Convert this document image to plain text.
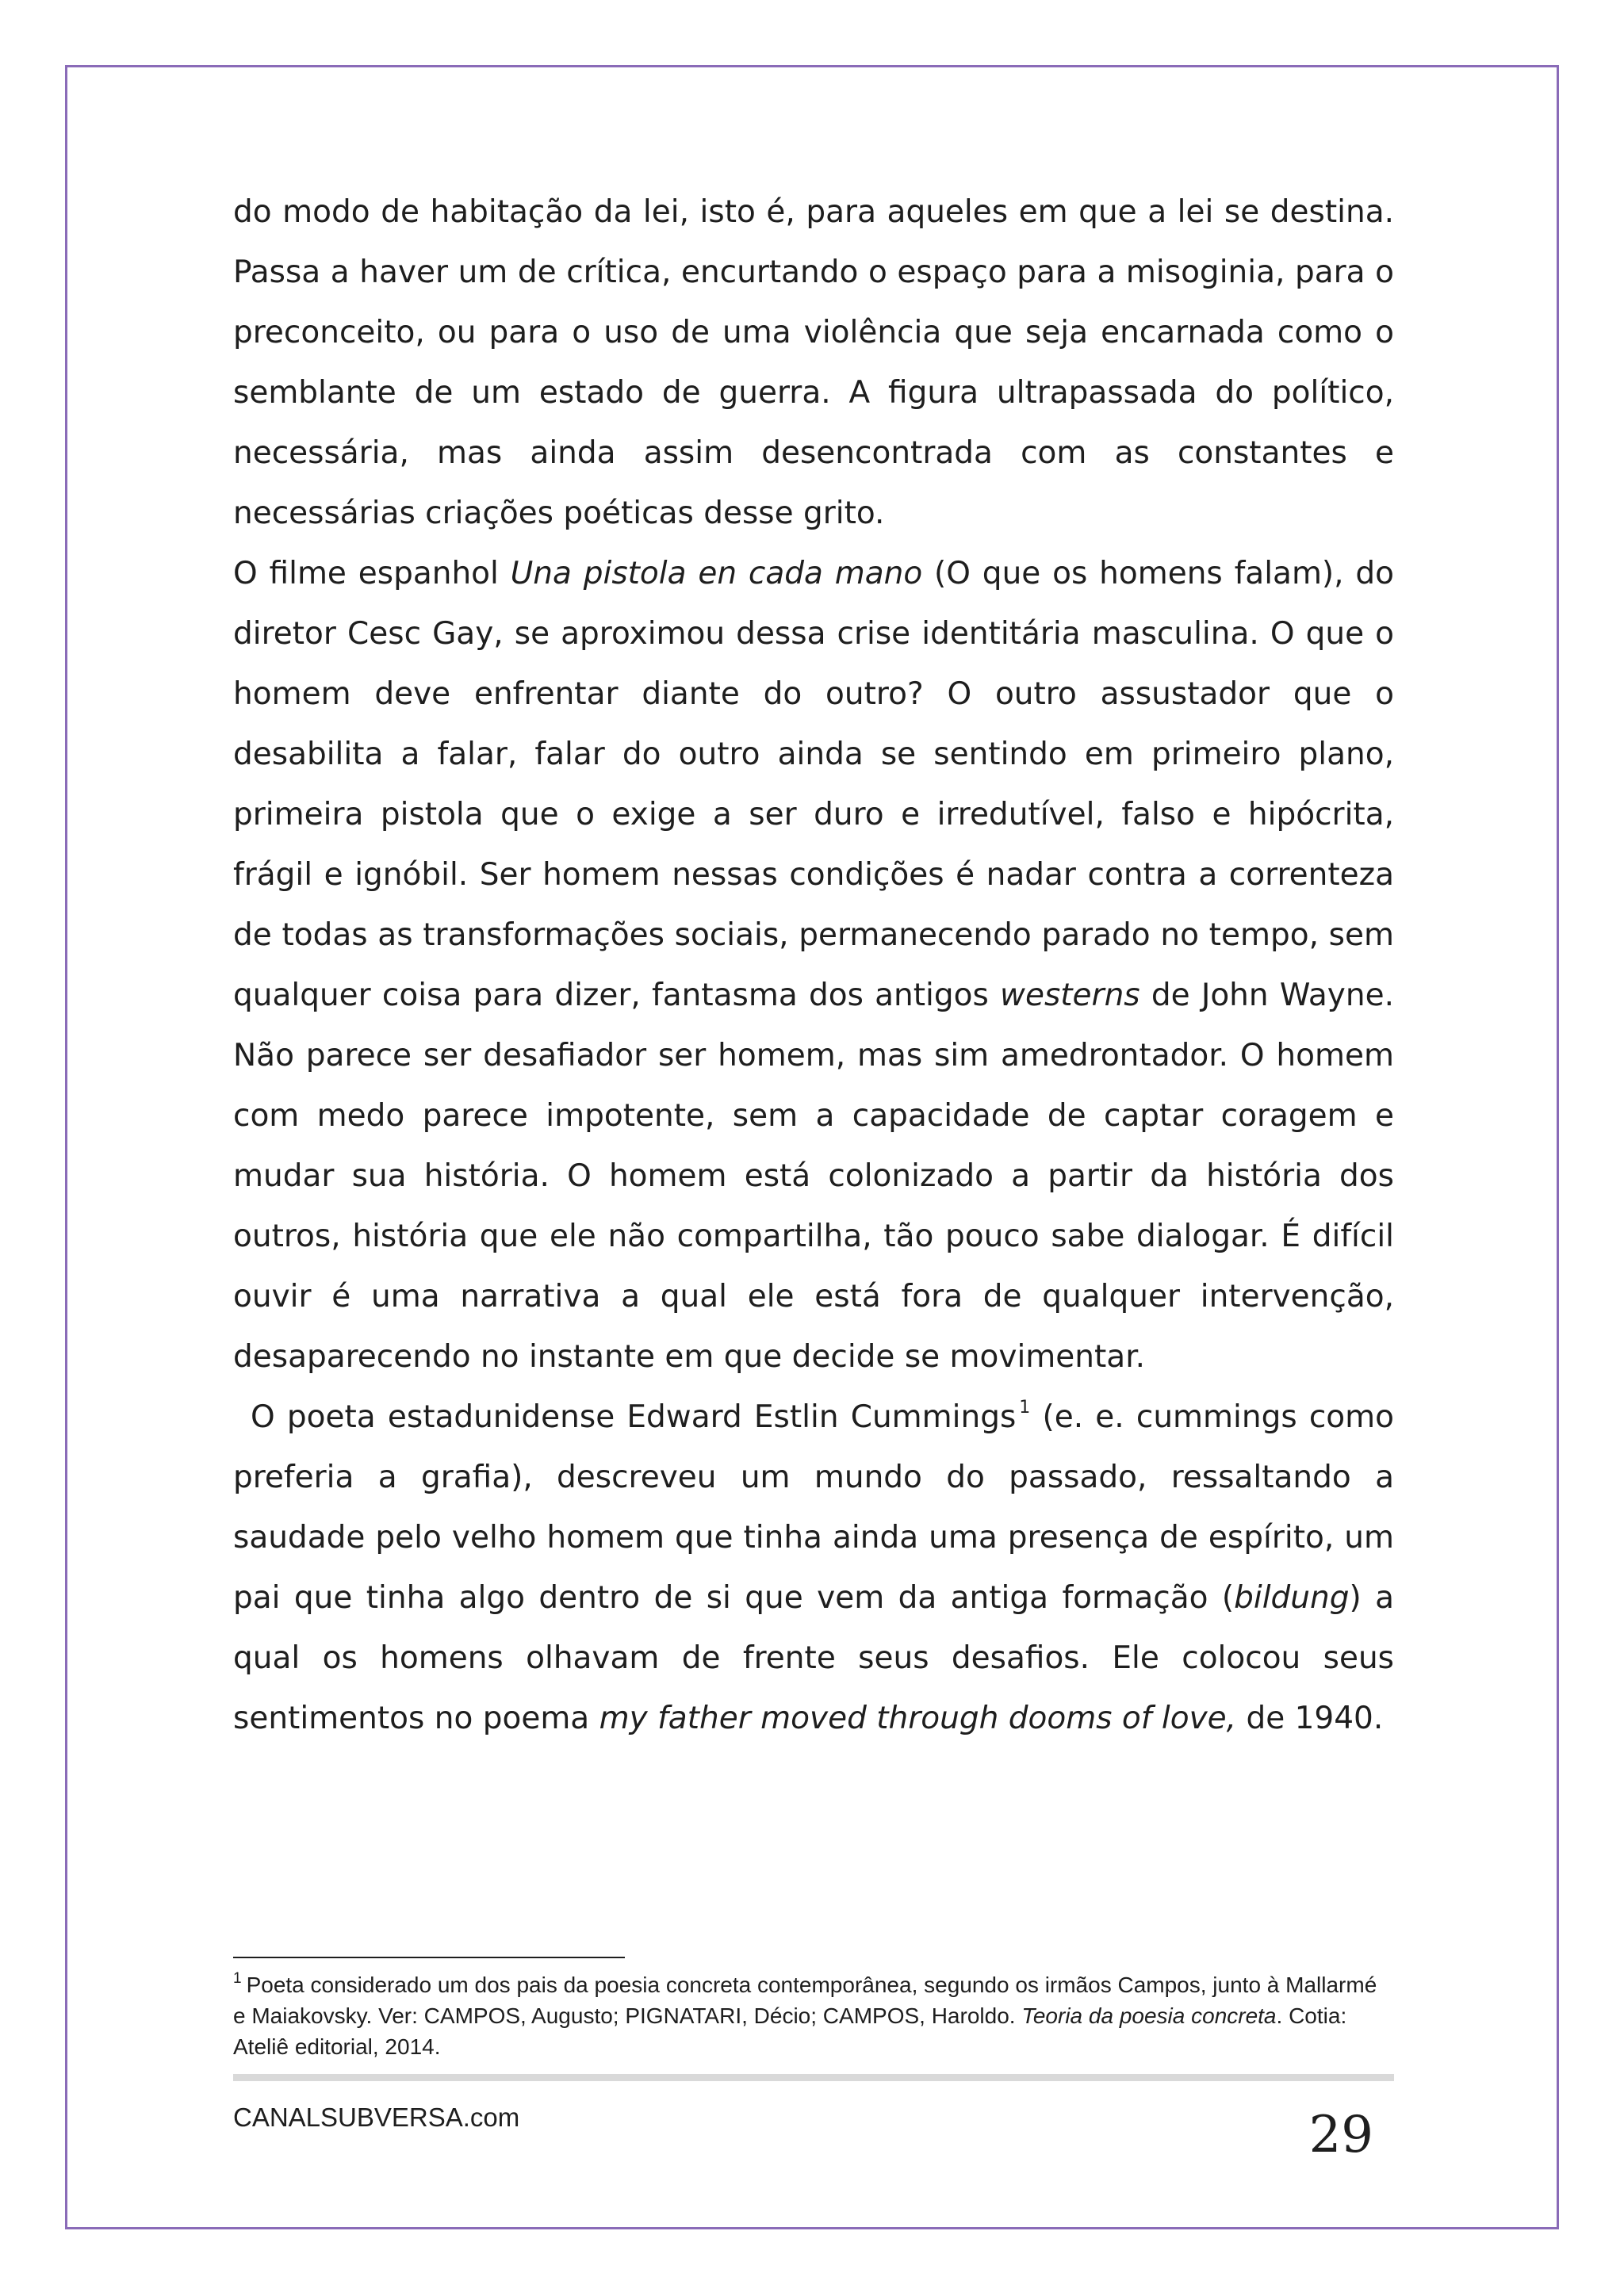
do modo de habitação da lei, isto é, para aqueles em que a lei se destina. Passa a haver um de crítica, encurtando o espaço para a misoginia, para o preconceito, ou para o uso de uma violência que seja encarnada como o semblante de um estado de guerra. A figura ultrapassada do político, necessária, mas ainda assim desencontrada com as constantes e necessárias criações poéticas desse grito.

O filme espanhol Una pistola en cada mano (O que os homens falam), do diretor Cesc Gay, se aproximou dessa crise identitária masculina. O que o homem deve enfrentar diante do outro? O outro assustador que o desabilita a falar, falar do outro ainda se sentindo em primeiro plano, primeira pistola que o exige a ser duro e irredutível, falso e hipócrita, frágil e ignóbil. Ser homem nessas condições é nadar contra a correnteza de todas as transformações sociais, permanecendo parado no tempo, sem qualquer coisa para dizer, fantasma dos antigos westerns de John Wayne. Não parece ser desafiador ser homem, mas sim amedrontador. O homem com medo parece impotente, sem a capacidade de captar coragem e mudar sua história. O homem está colonizado a partir da história dos outros, história que ele não compartilha, tão pouco sabe dialogar. É difícil ouvir é uma narrativa a qual ele está fora de qualquer intervenção, desaparecendo no instante em que decide se movimentar.

O poeta estadunidense Edward Estlin Cummings $^1$ (e. e. cummings como preferia a grafia), descreveu um mundo do passado, ressaltando a saudade pelo velho homem que tinha ainda uma presença de espírito, um pai que tinha algo dentro de si que vem da antiga formação (bildung) a qual os homens olhavam de frente seus desafios. Ele colocou seus sentimentos no poema my father moved through dooms of love, de 1940.

$^1$ Poeta considerado um dos pais da poesia concreta contemporânea, segundo os irmãos Campos, junto à Mallarmé e Maiakovsky. Ver: CAMPOS, Augusto; PIGNATARI, Décio; CAMPOS, Haroldo. Teoria da poesia concreta. Cotia: Ateliê editorial, 2014.
CANALSUBVERSA.com	29
